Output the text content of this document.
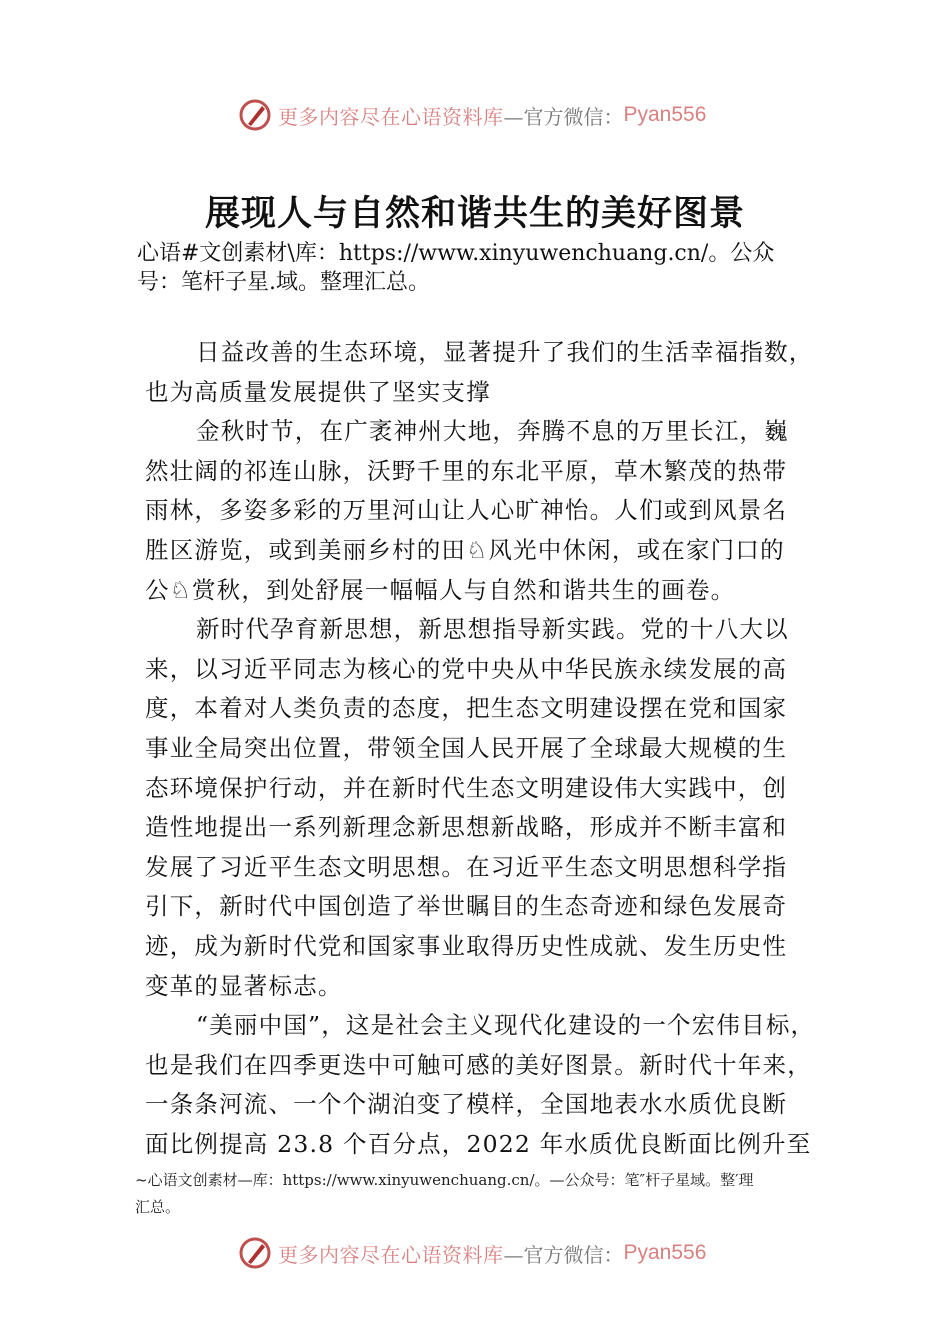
更多内容尽在心语资料库 —官方微信： Pyan556
展现人与自然和谐共生的美好图景
心语#文创素材\库：https://www.xinyuwenchuang.cn/。公众
号：笔杆子星.域。整理汇总。
日益改善的生态环境，显著提升了我们的生活幸福指数，
也为高质量发展提供了坚实支撑
金秋时节，在广袤神州大地，奔腾不息的万里长江，巍
然壮阔的祁连山脉，沃野千里的东北平原，草木繁茂的热带
雨林，多姿多彩的万里河山让人心旷神怡。人们或到风景名
胜区游览，或到美丽乡村的田♘风光中休闲，或在家门口的
公♘赏秋，到处舒展一幅幅人与自然和谐共生的画卷。
新时代孕育新思想，新思想指导新实践。党的十八大以
来，以习近平同志为核心的党中央从中华民族永续发展的高
度，本着对人类负责的态度，把生态文明建设摆在党和国家
事业全局突出位置，带领全国人民开展了全球最大规模的生
态环境保护行动，并在新时代生态文明建设伟大实践中，创
造性地提出一系列新理念新思想新战略，形成并不断丰富和
发展了习近平生态文明思想。在习近平生态文明思想科学指
引下，新时代中国创造了举世瞩目的生态奇迹和绿色发展奇
迹，成为新时代党和国家事业取得历史性成就、发生历史性
变革的显著标志。
“美丽中国”，这是社会主义现代化建设的一个宏伟目标，
也是我们在四季更迭中可触可感的美好图景。新时代十年来，
一条条河流、一个个湖泊变了模样，全国地表水水质优良断
面比例提高 23.8 个百分点，2022 年水质优良断面比例升至
~心语文创素材—库：https://www.xinyuwenchuang.cn/。—公众号：笔″杆子星域。整′理
汇总。
更多内容尽在心语资料库 —官方微信： Pyan556
